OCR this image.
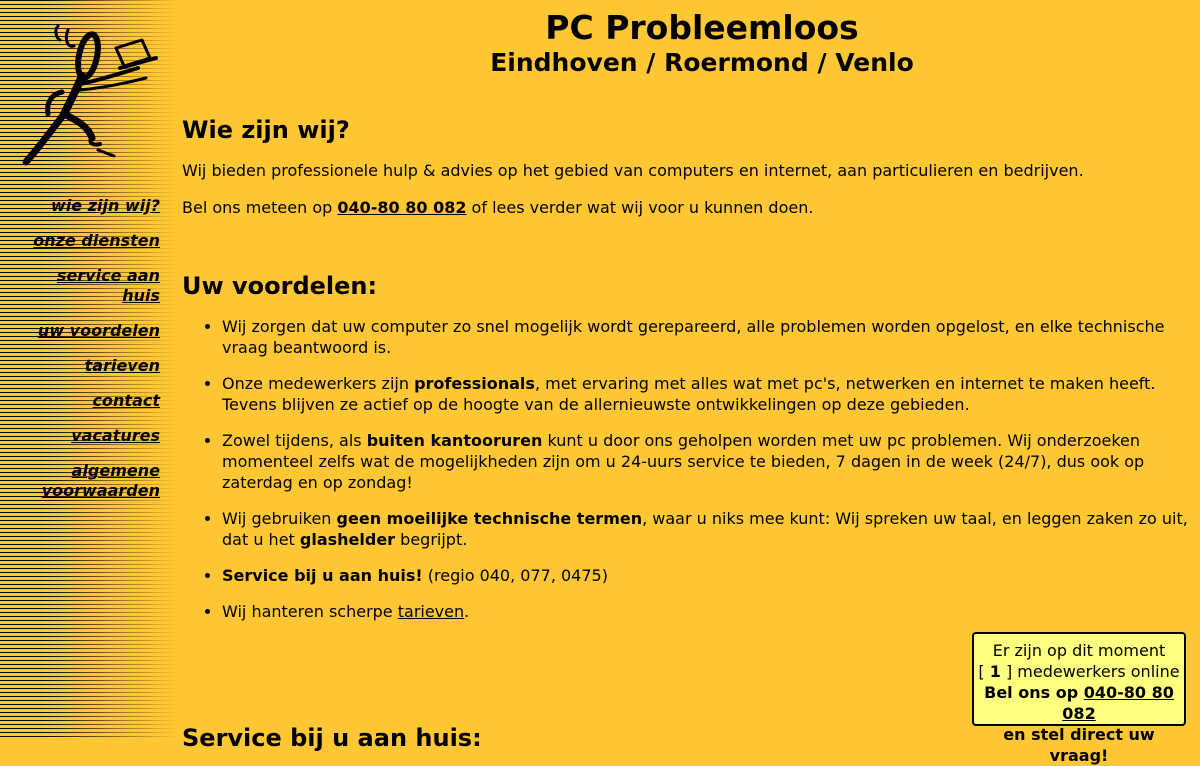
wie zijn wij?
onze diensten
service aan huis
uw voordelen
tarieven
contact
vacatures
algemene voorwaarden
PC Probleemloos
Eindhoven / Roermond / Venlo
Wie zijn wij?

Wij bieden professionele hulp & advies op het gebied van computers en internet, aan particulieren en bedrijven.

Bel ons meteen op 040-80 80 082 of lees verder wat wij voor u kunnen doen.

Uw voordelen:
• Wij zorgen dat uw computer zo snel mogelijk wordt gerepareerd, alle problemen worden opgelost, en elke technische vraag beantwoord is.
• Onze medewerkers zijn professionals, met ervaring met alles wat met pc's, netwerken en internet te maken heeft. Tevens blijven ze actief op de hoogte van de allernieuwste ontwikkelingen op deze gebieden.
• Zowel tijdens, als buiten kantooruren kunt u door ons geholpen worden met uw pc problemen. Wij onderzoeken momenteel zelfs wat de mogelijkheden zijn om u 24-uurs service te bieden, 7 dagen in de week (24/7), dus ook op zaterdag en op zondag!
• Wij gebruiken geen moeilijke technische termen, waar u niks mee kunt: Wij spreken uw taal, en leggen zaken zo uit, dat u het glashelder begrijpt.
• Service bij u aan huis! (regio 040, 077, 0475)
• Wij hanteren scherpe tarieven.
Service bij u aan huis:
Er zijn op dit moment
[ 1 ] medewerkers online
Bel ons op 040-80 80 082
en stel direct uw vraag!
